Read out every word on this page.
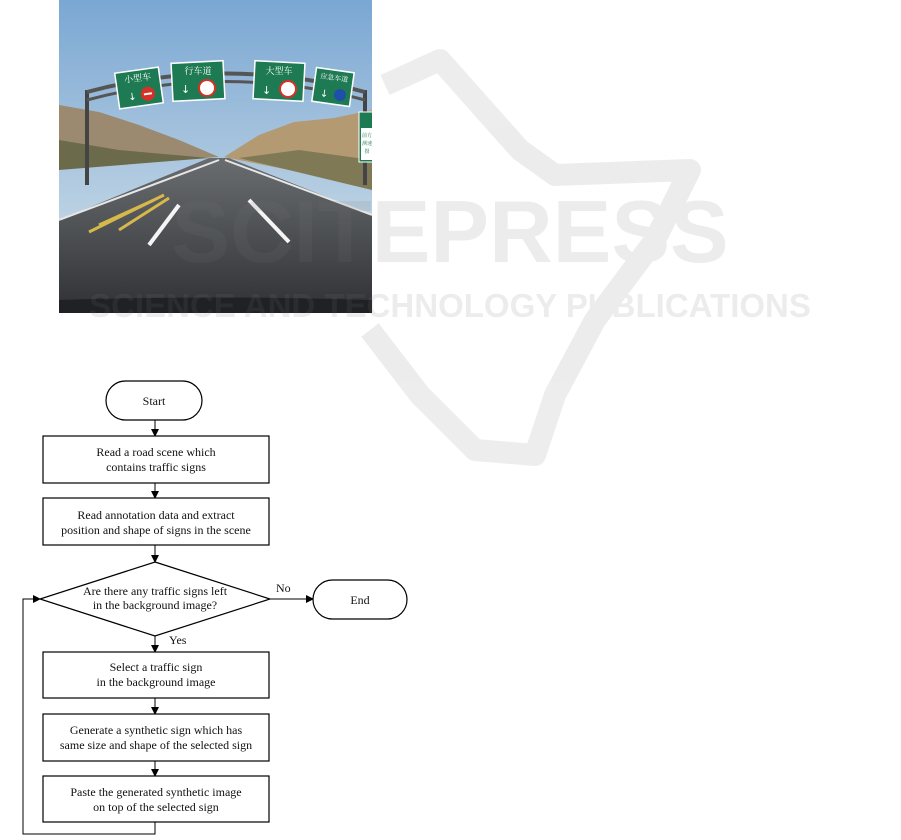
小型车
↓
行车道
↓
大型车
↓
应急车道
↓
前方
测速
摄
SCITEPRESS
SCIENCE AND TECHNOLOGY PUBLICATIONS
Start
Read a road scene which
contains traffic signs
Read annotation data and extract
position and shape of signs in the scene
Are there any traffic signs left
in the background image?
No
End
Yes
Select a traffic sign
in the background image
Generate a synthetic sign which has
same size and shape of the selected sign
Paste the generated synthetic image
on top of the selected sign
